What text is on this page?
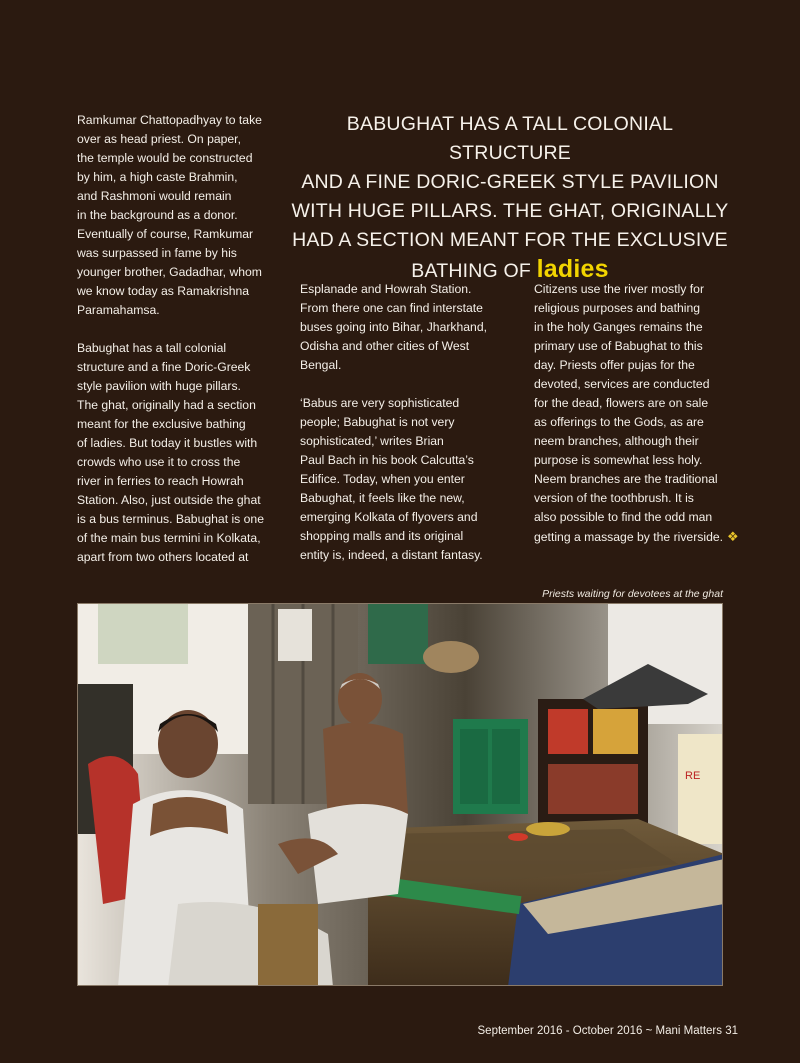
Ramkumar Chattopadhyay to take
over as head priest. On paper,
the temple would be constructed
by him, a high caste Brahmin,
and Rashmoni would remain
in the background as a donor.
Eventually of course, Ramkumar
was surpassed in fame by his
younger brother, Gadadhar, whom
we know today as Ramakrishna
Paramahamsa.

Babughat has a tall colonial
structure and a fine Doric-Greek
style pavilion with huge pillars.
The ghat, originally had a section
meant for the exclusive bathing
of ladies. But today it bustles with
crowds who use it to cross the
river in ferries to reach Howrah
Station. Also, just outside the ghat
is a bus terminus. Babughat is one
of the main bus termini in Kolkata,
apart from two others located at

BABUGHAT HAS A TALL COLONIAL STRUCTURE
AND A FINE DORIC-GREEK STYLE PAVILION
WITH HUGE PILLARS. THE GHAT, ORIGINALLY
HAD A SECTION MEANT FOR THE EXCLUSIVE
BATHING OF ladies

Esplanade and Howrah Station.
From there one can find interstate
buses going into Bihar, Jharkhand,
Odisha and other cities of West
Bengal.

‘Babus are very sophisticated
people; Babughat is not very
sophisticated,’ writes Brian
Paul Bach in his book Calcutta’s
Edifice. Today, when you enter
Babughat, it feels like the new,
emerging Kolkata of flyovers and
shopping malls and its original
entity is, indeed, a distant fantasy.

Citizens use the river mostly for
religious purposes and bathing
in the holy Ganges remains the
primary use of Babughat to this
day. Priests offer pujas for the
devoted, services are conducted
for the dead, flowers are on sale
as offerings to the Gods, as are
neem branches, although their
purpose is somewhat less holy.
Neem branches are the traditional
version of the toothbrush. It is
also possible to find the odd man
getting a massage by the riverside. ❖

Priests waiting for devotees at the ghat
RE
September 2016 - October 2016 ~ Mani Matters 31
